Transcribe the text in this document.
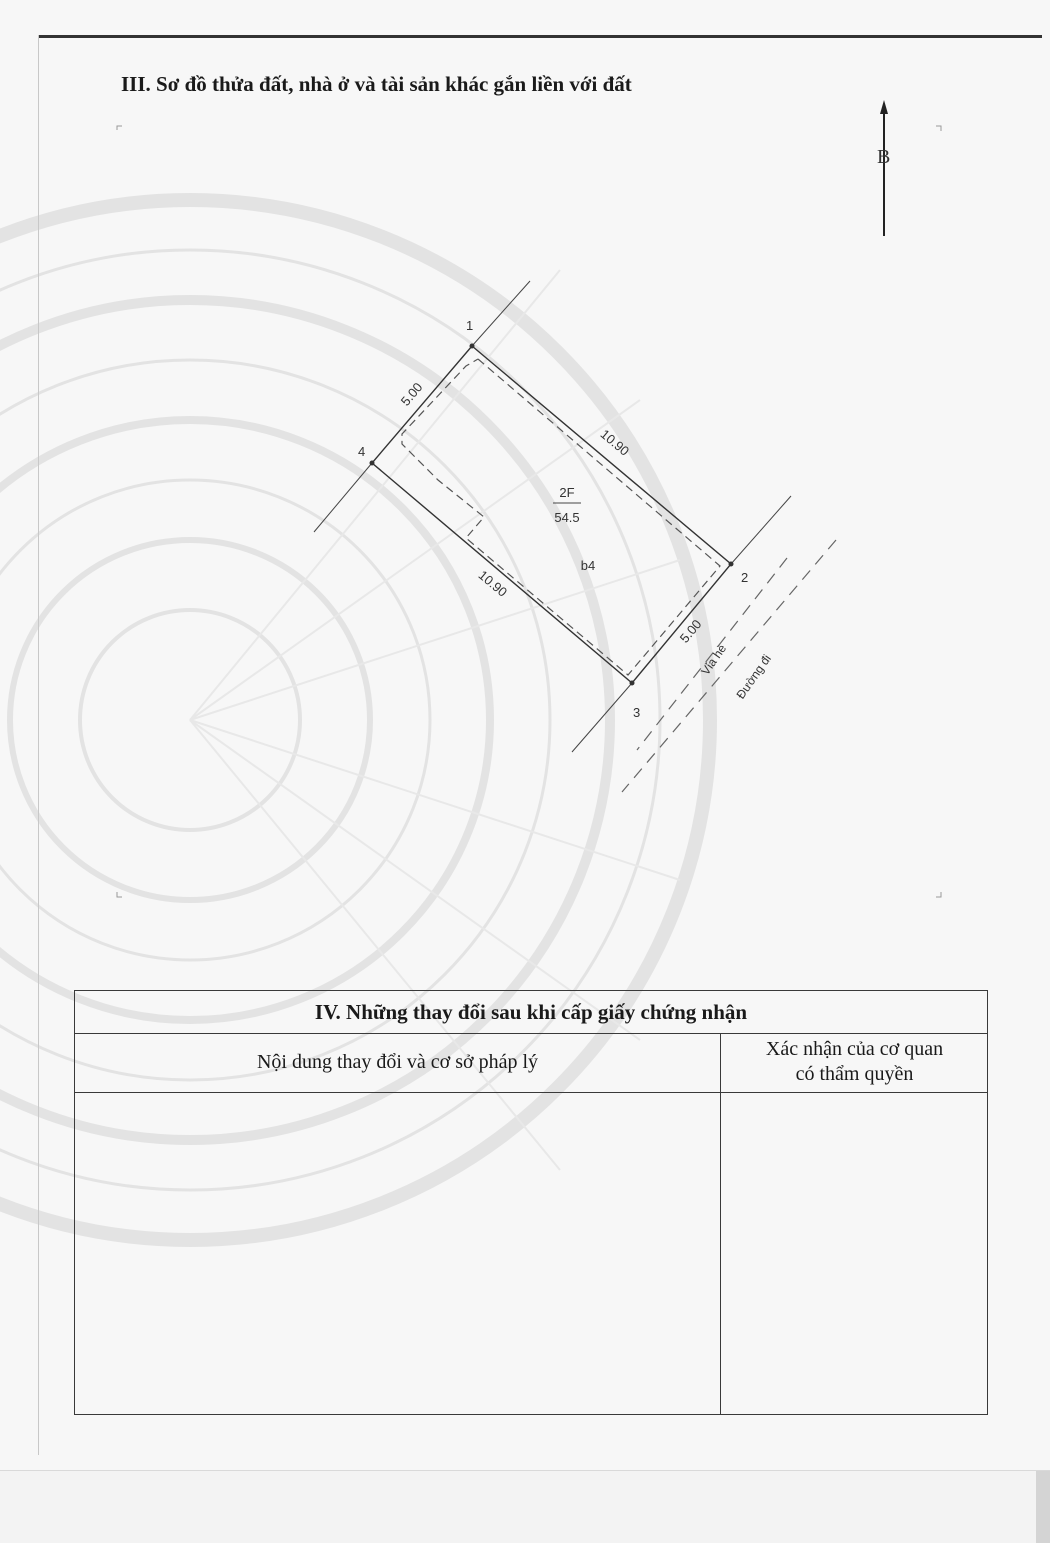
III. Sơ đồ thửa đất, nhà ở và tài sản khác gắn liền với đất
B
1
2
3
4	10.90
10.90
5.00
5.00
2F
54.5
b4
Vỉa hè Đường đi
IV. Những thay đổi sau khi cấp giấy chứng nhận
Nội dung thay đổi và cơ sở pháp lý
Xác nhận của cơ quan
có thẩm quyền
